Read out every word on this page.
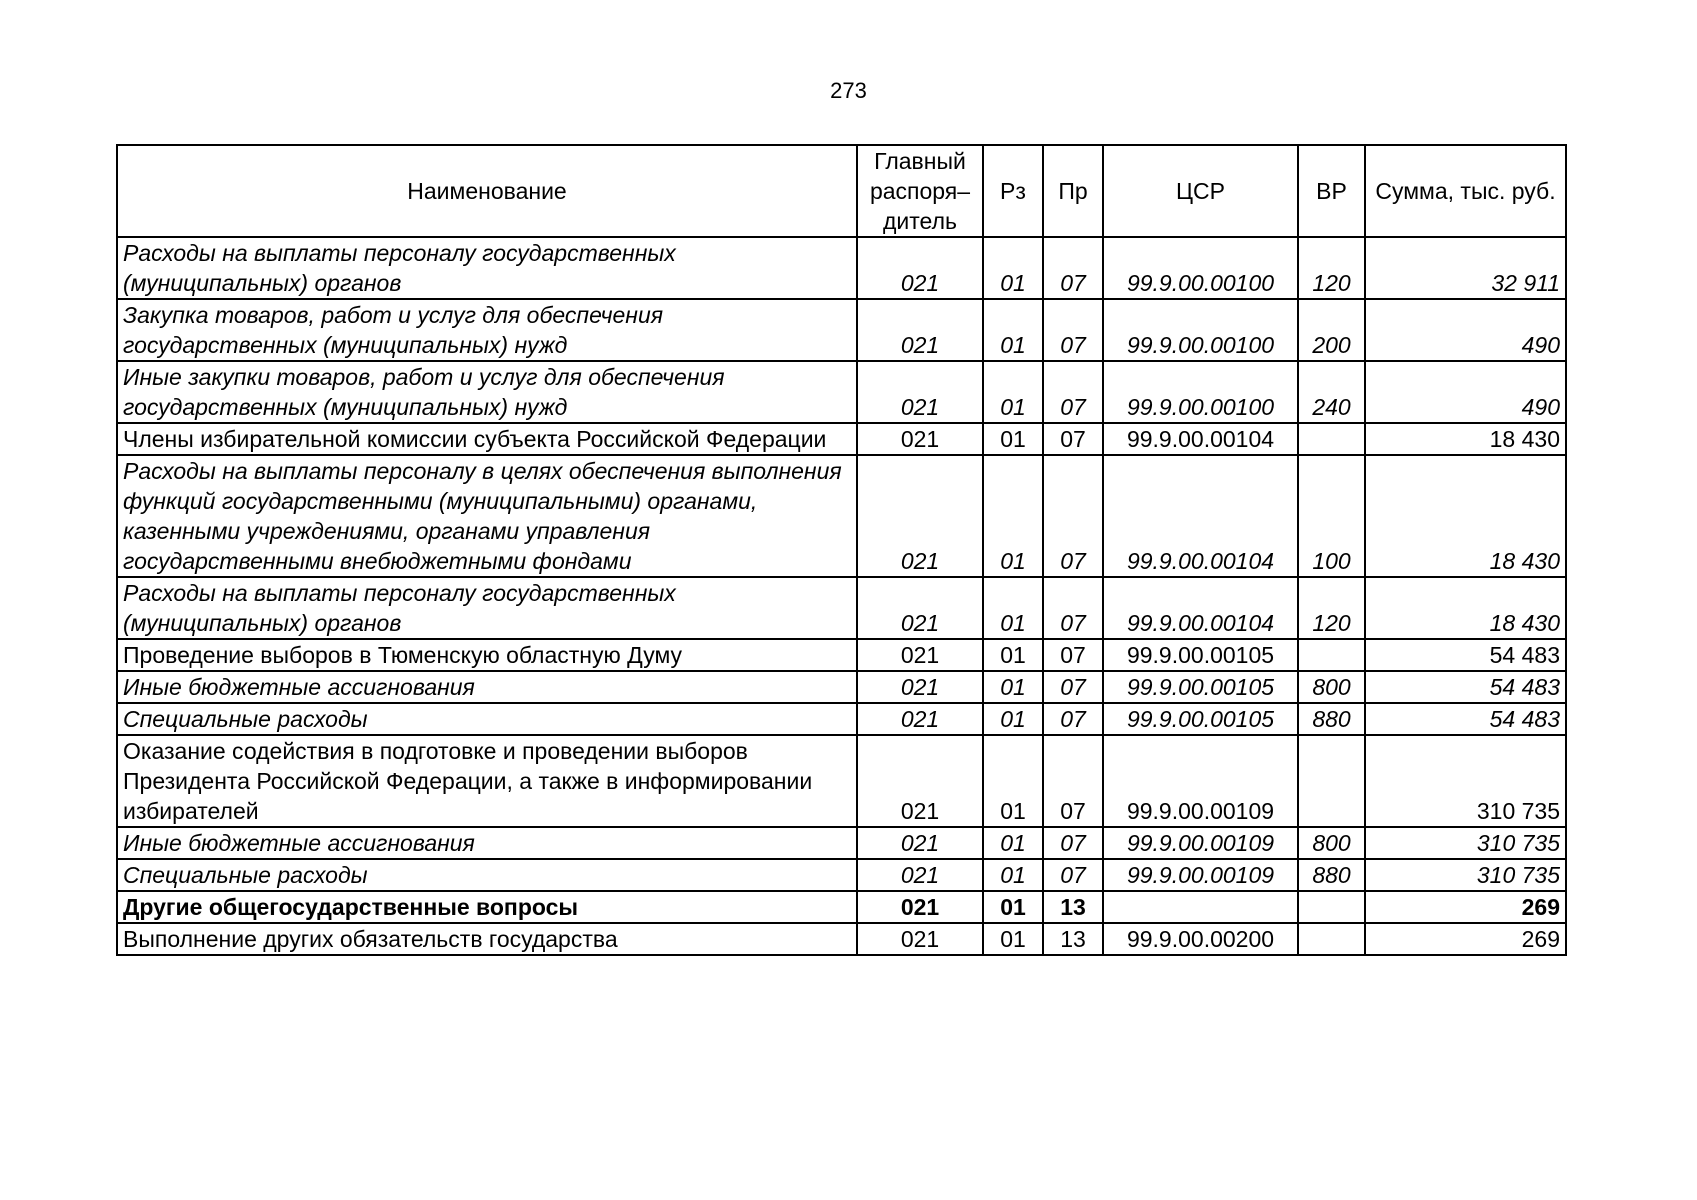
273
Наименование	Главный распоря–дитель	Рз	Пр	ЦСР	ВР	Сумма, тыс. руб.
Расходы на выплаты персоналу государственных (муниципальных) органов	021	01	07	99.9.00.00100	120	32 911
Закупка товаров, работ и услуг для обеспечения государственных (муниципальных) нужд	021	01	07	99.9.00.00100	200	490
Иные закупки товаров, работ и услуг для обеспечения государственных (муниципальных) нужд	021	01	07	99.9.00.00100	240	490
Члены избирательной комиссии субъекта Российской Федерации	021	01	07	99.9.00.00104		18 430
Расходы на выплаты персоналу в целях обеспечения выполнения функций государственными (муниципальными) органами, казенными учреждениями, органами управления государственными внебюджетными фондами	021	01	07	99.9.00.00104	100	18 430
Расходы на выплаты персоналу государственных (муниципальных) органов	021	01	07	99.9.00.00104	120	18 430
Проведение выборов в Тюменскую областную Думу	021	01	07	99.9.00.00105		54 483
Иные бюджетные ассигнования	021	01	07	99.9.00.00105	800	54 483
Специальные расходы	021	01	07	99.9.00.00105	880	54 483
Оказание содействия в подготовке и проведении выборов Президента Российской Федерации, а также в информировании избирателей	021	01	07	99.9.00.00109		310 735
Иные бюджетные ассигнования	021	01	07	99.9.00.00109	800	310 735
Специальные расходы	021	01	07	99.9.00.00109	880	310 735
Другие общегосударственные вопросы	021	01	13			269
Выполнение других обязательств государства	021	01	13	99.9.00.00200		269
